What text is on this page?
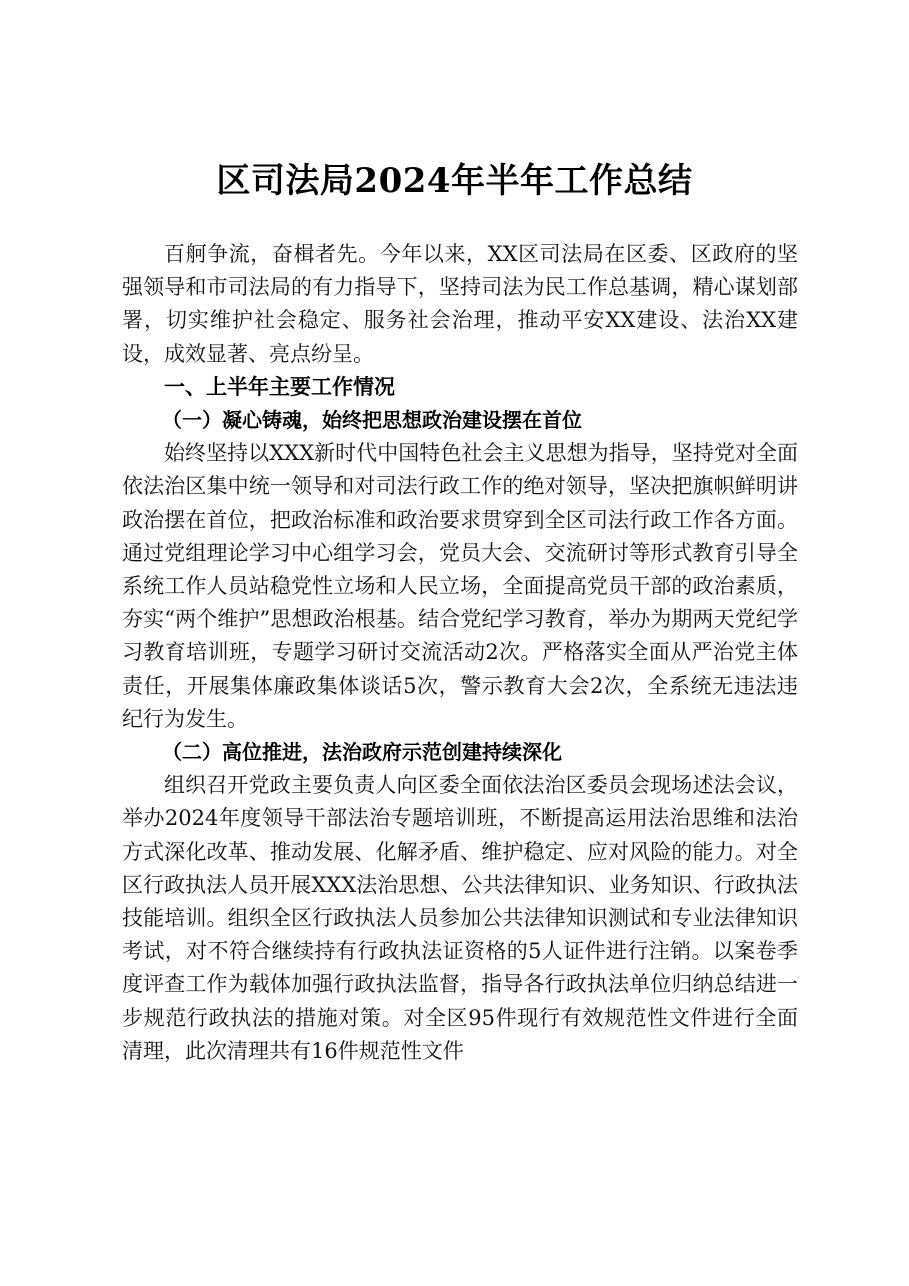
区司法局2024年半年工作总结

百舸争流，奋楫者先。今年以来，XX区司法局在区委、区政府的坚强领导和市司法局的有力指导下，坚持司法为民工作总基调，精心谋划部署，切实维护社会稳定、服务社会治理，推动平安XX建设、法治XX建设，成效显著、亮点纷呈。

一、上半年主要工作情况

（一）凝心铸魂，始终把思想政治建设摆在首位

始终坚持以XXX新时代中国特色社会主义思想为指导，坚持党对全面依法治区集中统一领导和对司法行政工作的绝对领导，坚决把旗帜鲜明讲政治摆在首位，把政治标准和政治要求贯穿到全区司法行政工作各方面。通过党组理论学习中心组学习会，党员大会、交流研讨等形式教育引导全系统工作人员站稳党性立场和人民立场，全面提高党员干部的政治素质，夯实“两个维护”思想政治根基。结合党纪学习教育，举办为期两天党纪学习教育培训班，专题学习研讨交流活动2次。严格落实全面从严治党主体责任，开展集体廉政集体谈话5次，警示教育大会2次，全系统无违法违纪行为发生。

（二）高位推进，法治政府示范创建持续深化

组织召开党政主要负责人向区委全面依法治区委员会现场述法会议，举办2024年度领导干部法治专题培训班，不断提高运用法治思维和法治方式深化改革、推动发展、化解矛盾、维护稳定、应对风险的能力。对全区行政执法人员开展XXX法治思想、公共法律知识、业务知识、行政执法技能培训。组织全区行政执法人员参加公共法律知识测试和专业法律知识考试，对不符合继续持有行政执法证资格的5人证件进行注销。以案卷季度评查工作为载体加强行政执法监督，指导各行政执法单位归纳总结进一步规范行政执法的措施对策。对全区95件现行有效规范性文件进行全面清理，此次清理共有16件规范性文件
